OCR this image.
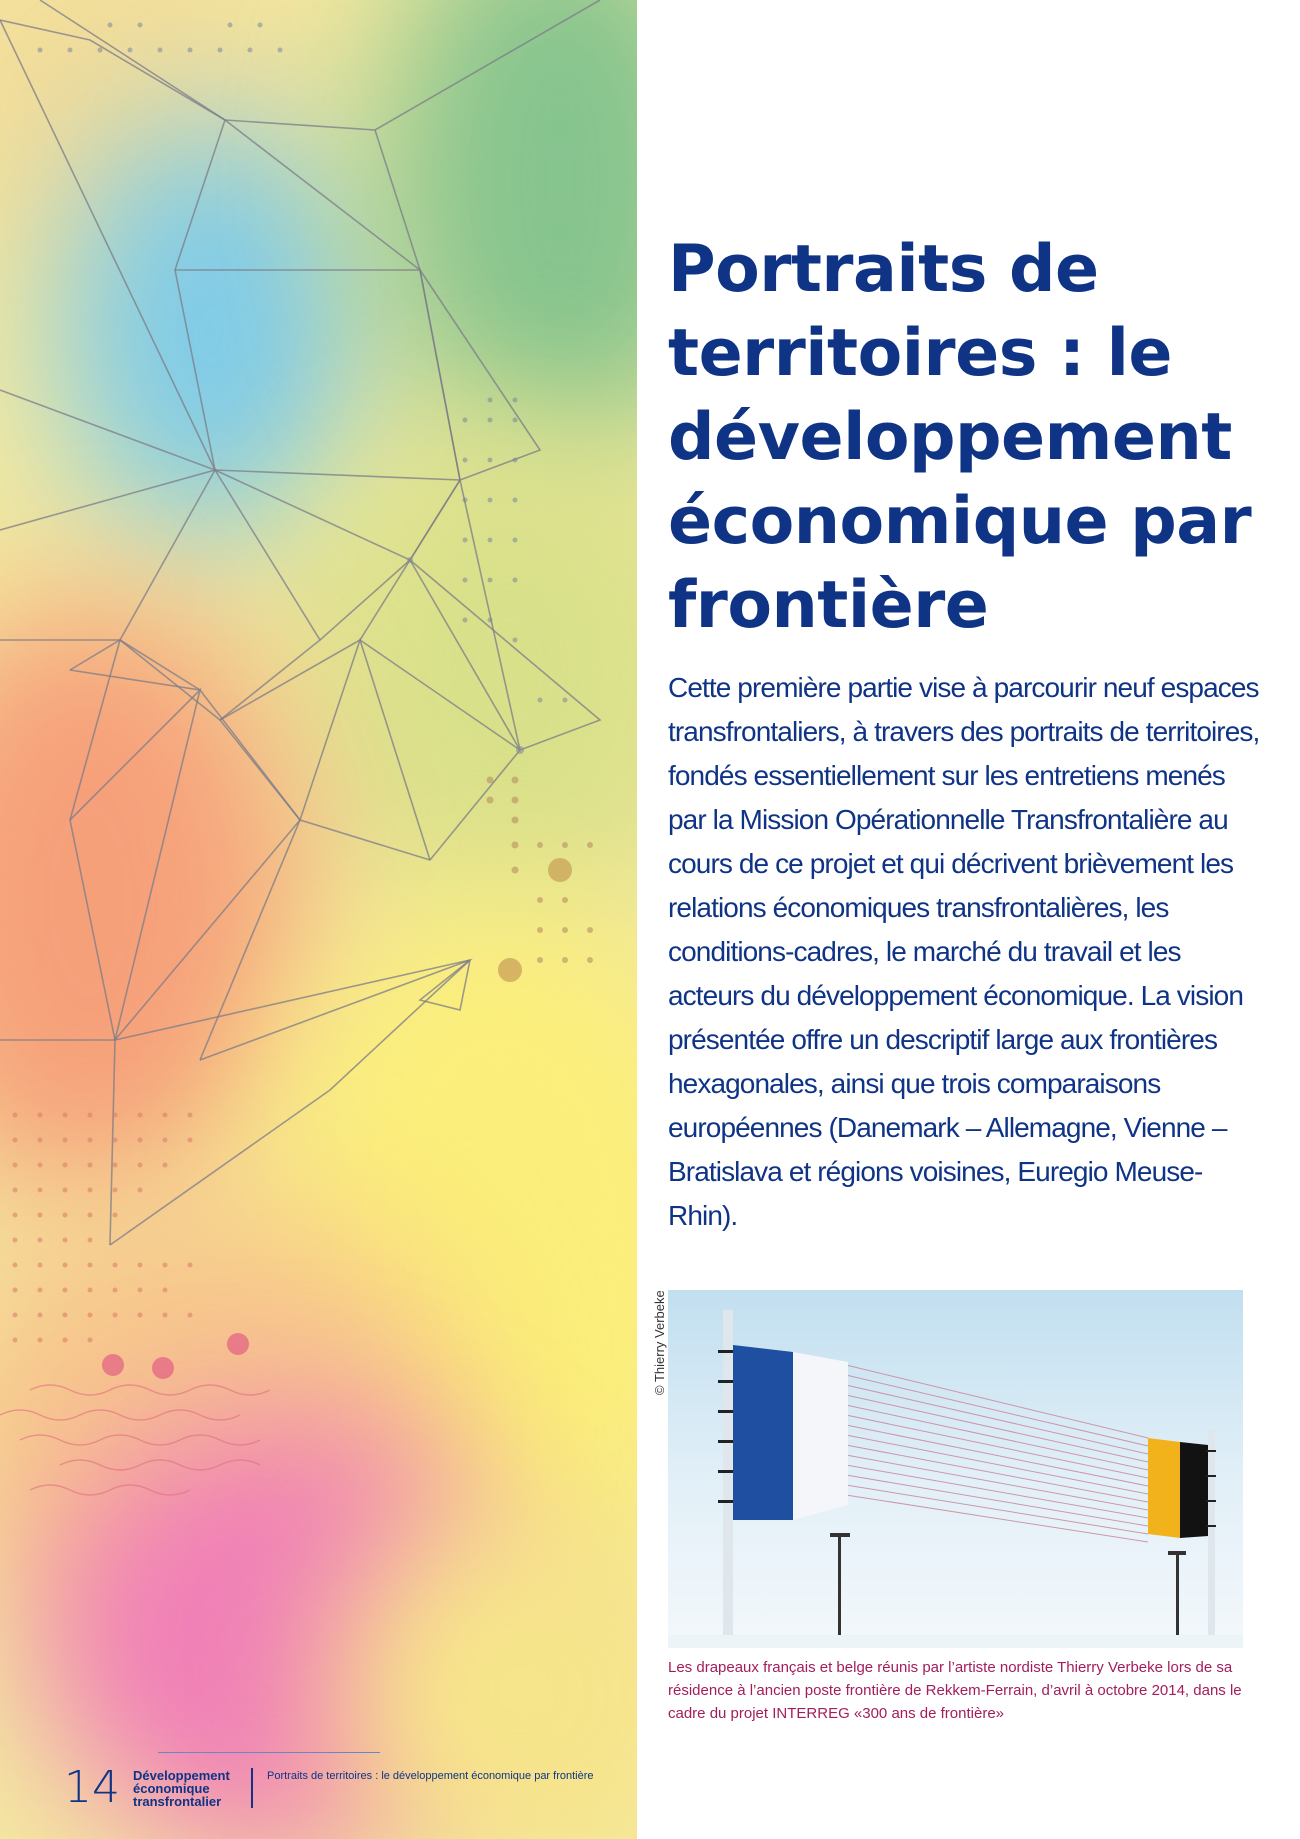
Portraits de territoires : le développement économique par frontière

Cette première partie vise à parcourir neuf espaces transfrontaliers, à travers des portraits de territoires, fondés essentiellement sur les entretiens menés par la Mission Opérationnelle Transfrontalière au cours de ce projet et qui décrivent brièvement les relations économiques transfrontalières, les conditions-cadres, le marché du travail et les acteurs du développement économique. La vision présentée offre un descriptif large aux frontières hexagonales, ainsi que trois comparaisons européennes (Danemark – Allemagne, Vienne – Bratislava et régions voisines, Euregio Meuse-Rhin).

© Thierry Verbeke

Les drapeaux français et belge réunis par l’artiste nordiste Thierry Verbeke lors de sa résidence à l’ancien poste frontière de Rekkem-Ferrain, d’avril à octobre 2014, dans le cadre du projet INTERREG «300 ans de frontière»

14 Développement
économique
transfrontalier
Portraits de territoires : le développement économique par frontière
